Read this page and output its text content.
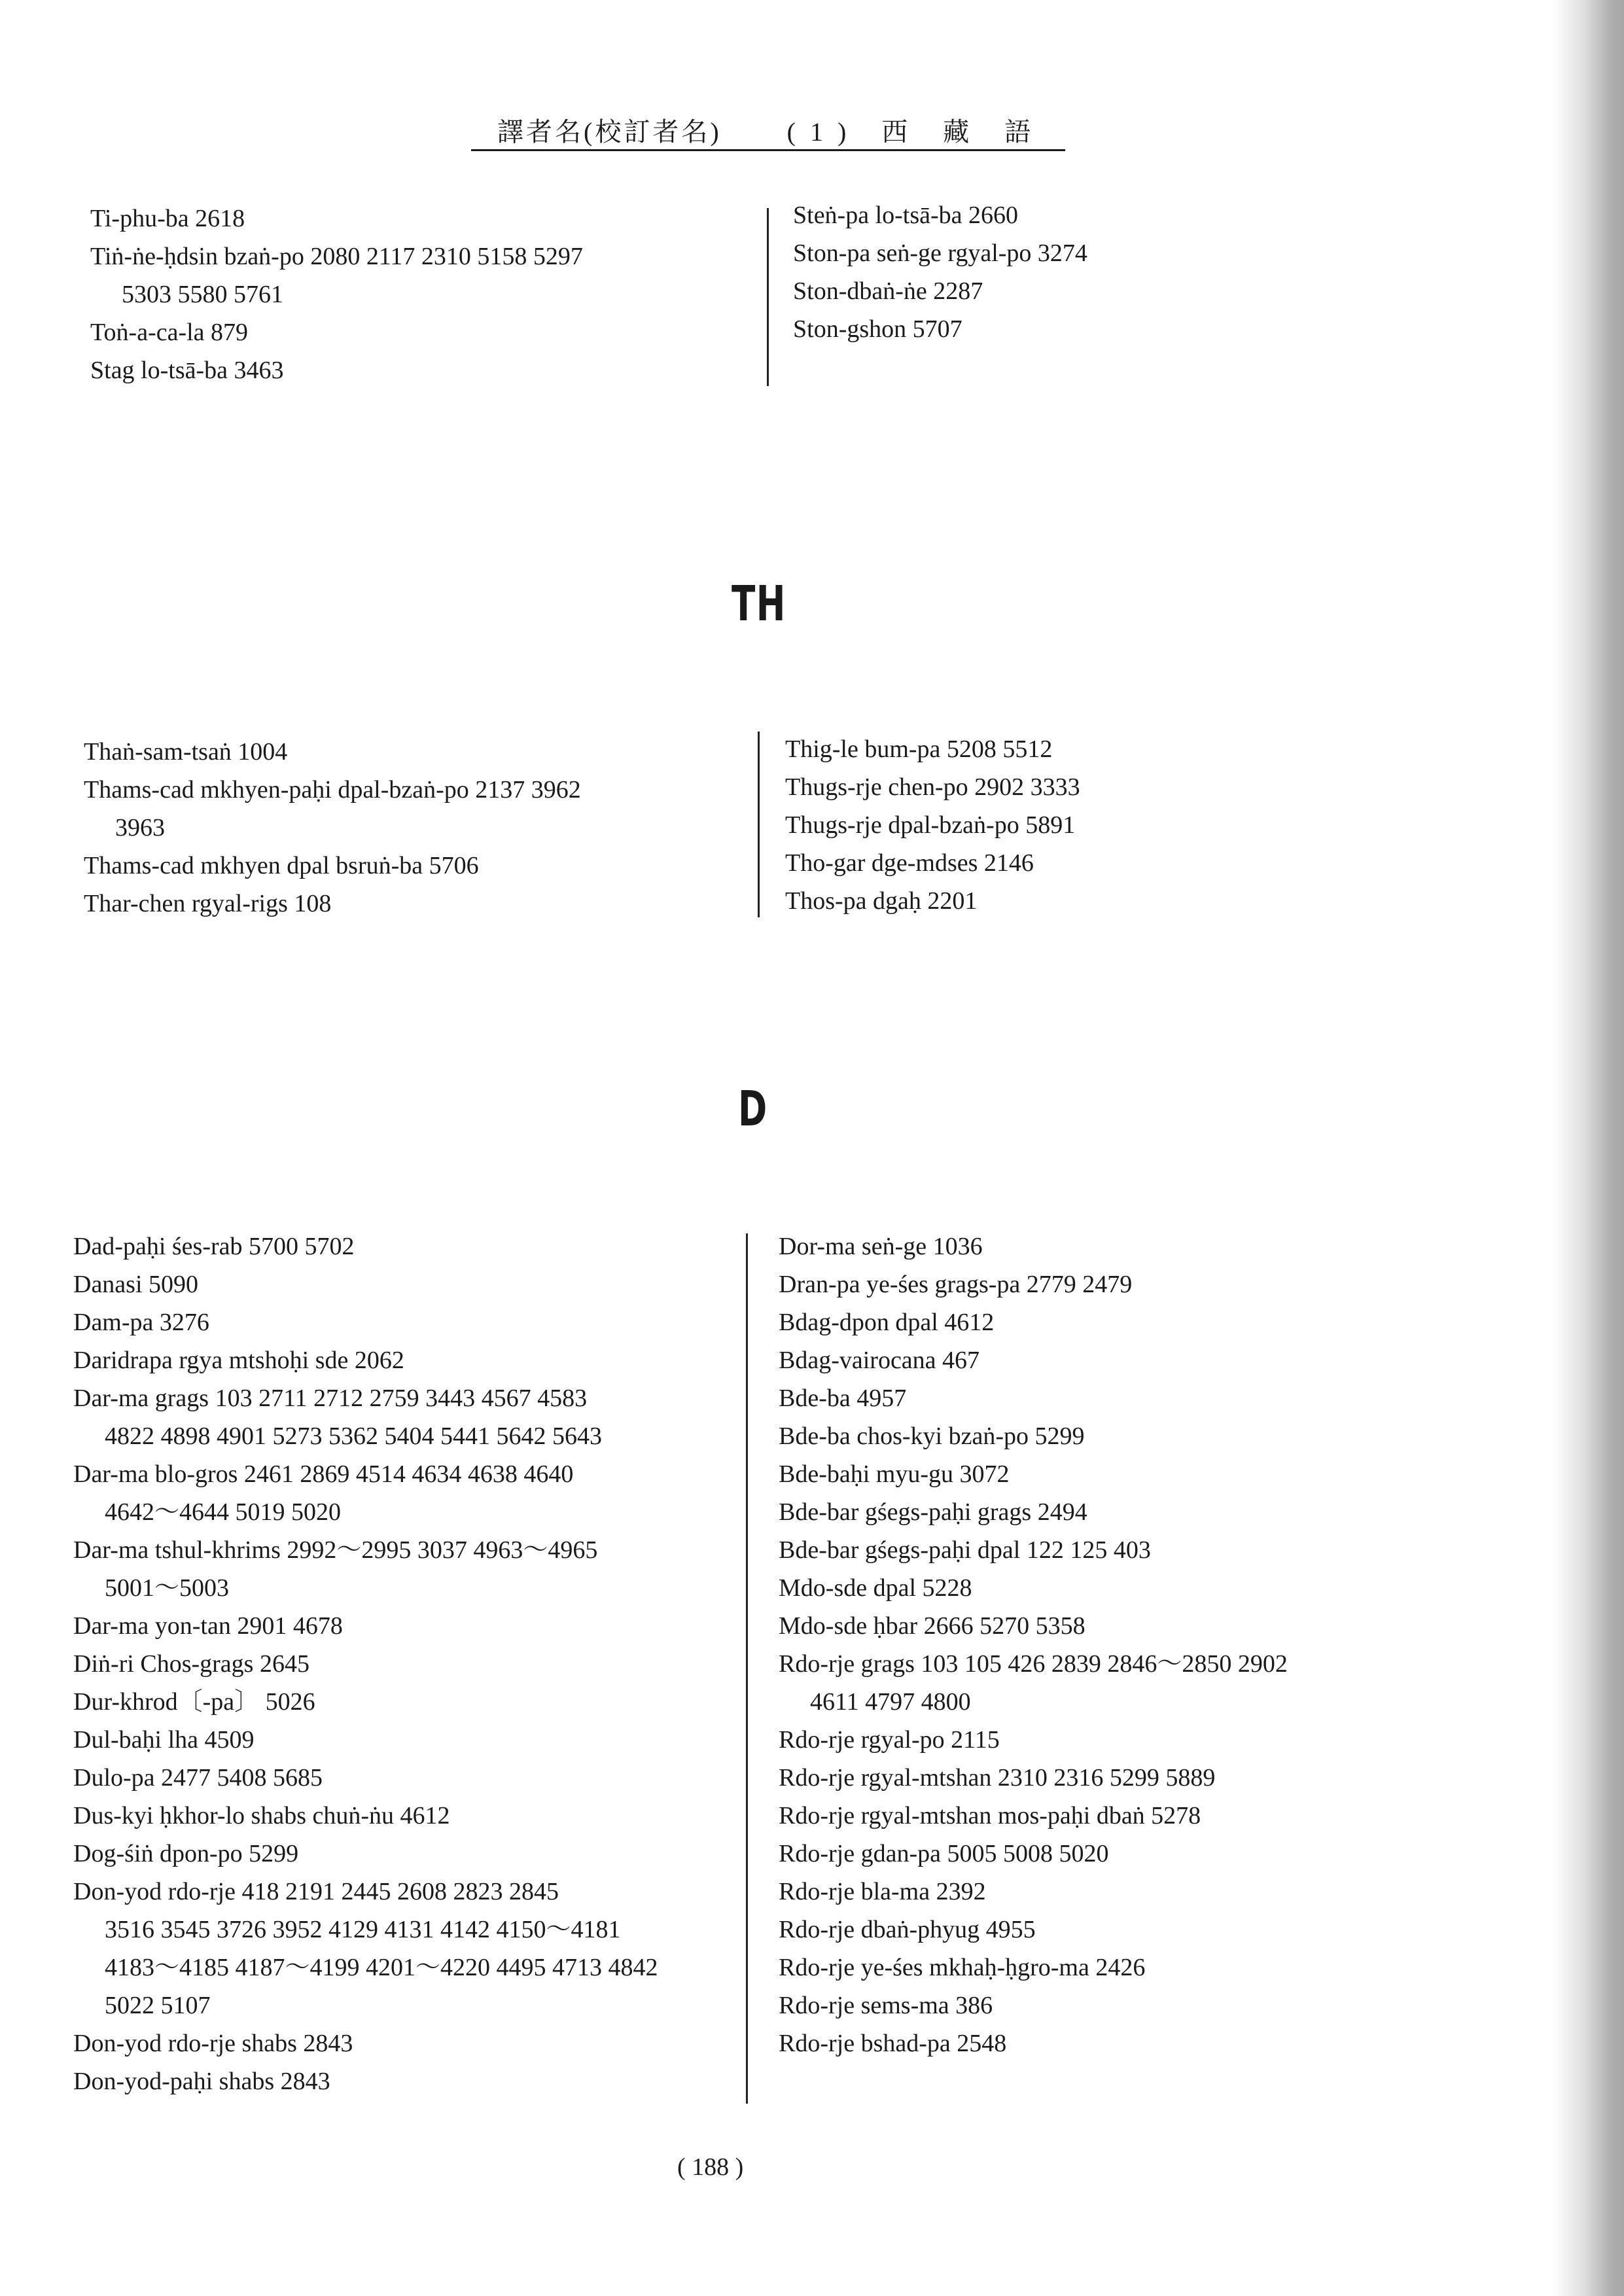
譯者名(校訂者名)	(1) 西 藏 語
Ti-phu-ba 2618
Tiṅ-ṅe-ḥdsin bzaṅ-po 2080 2117 2310 5158 5297
5303 5580 5761
Toṅ-a-ca-la 879
Stag lo-tsā-ba 3463
Steṅ-pa lo-tsā-ba 2660
Ston-pa seṅ-ge rgyal-po 3274
Ston-dbaṅ-ṅe 2287
Ston-gshon 5707
TH
Thaṅ-sam-tsaṅ 1004
Thams-cad mkhyen-paḥi dpal-bzaṅ-po 2137 3962
3963
Thams-cad mkhyen dpal bsruṅ-ba 5706
Thar-chen rgyal-rigs 108
Thig-le bum-pa 5208 5512
Thugs-rje chen-po 2902 3333
Thugs-rje dpal-bzaṅ-po 5891
Tho-gar dge-mdses 2146
Thos-pa dgaḥ 2201
D
Dad-paḥi śes-rab 5700 5702
Danasi 5090
Dam-pa 3276
Daridrapa rgya mtshoḥi sde 2062
Dar-ma grags 103 2711 2712 2759 3443 4567 4583
4822 4898 4901 5273 5362 5404 5441 5642 5643
Dar-ma blo-gros 2461 2869 4514 4634 4638 4640
4642～4644 5019 5020
Dar-ma tshul-khrims 2992～2995 3037 4963～4965
5001～5003
Dar-ma yon-tan 2901 4678
Diṅ-ri Chos-grags 2645
Dur-khrod〔-pa〕 5026
Dul-baḥi lha 4509
Dulo-pa 2477 5408 5685
Dus-kyi ḥkhor-lo shabs chuṅ-ṅu 4612
Dog-śiṅ dpon-po 5299
Don-yod rdo-rje 418 2191 2445 2608 2823 2845
3516 3545 3726 3952 4129 4131 4142 4150～4181
4183～4185 4187～4199 4201～4220 4495 4713 4842
5022 5107
Don-yod rdo-rje shabs 2843
Don-yod-paḥi shabs 2843
Dor-ma seṅ-ge 1036
Dran-pa ye-śes grags-pa 2779 2479
Bdag-dpon dpal 4612
Bdag-vairocana 467
Bde-ba 4957
Bde-ba chos-kyi bzaṅ-po 5299
Bde-baḥi myu-gu 3072
Bde-bar gśegs-paḥi grags 2494
Bde-bar gśegs-paḥi dpal 122 125 403
Mdo-sde dpal 5228
Mdo-sde ḥbar 2666 5270 5358
Rdo-rje grags 103 105 426 2839 2846～2850 2902
4611 4797 4800
Rdo-rje rgyal-po 2115
Rdo-rje rgyal-mtshan 2310 2316 5299 5889
Rdo-rje rgyal-mtshan mos-paḥi dbaṅ 5278
Rdo-rje gdan-pa 5005 5008 5020
Rdo-rje bla-ma 2392
Rdo-rje dbaṅ-phyug 4955
Rdo-rje ye-śes mkhaḥ-ḥgro-ma 2426
Rdo-rje sems-ma 386
Rdo-rje bshad-pa 2548
( 188 )
